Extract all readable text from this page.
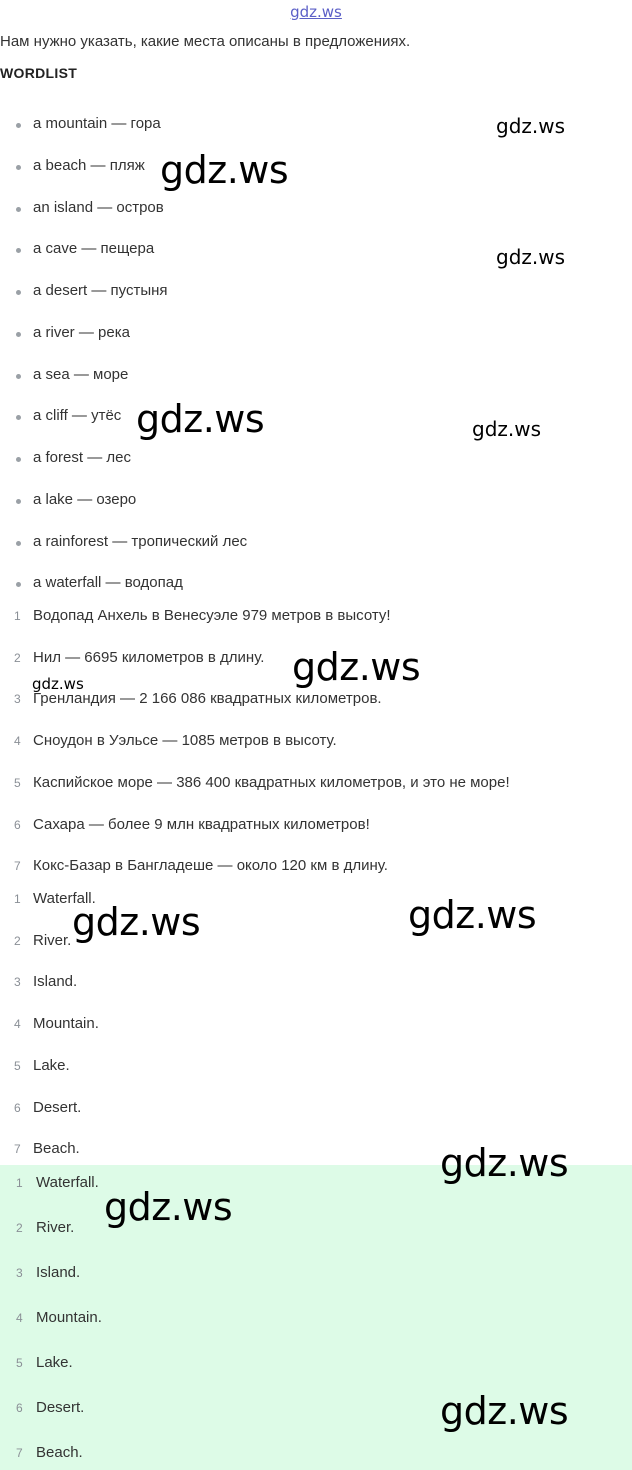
gdz.ws
Нам нужно указать, какие места описаны в предложениях.
WORDLIST
a mountain — гора
a beach — пляж
an island — остров
a cave — пещера
a desert — пустыня
a river — река
a sea — море
a cliff — утёс
a forest — лес
a lake — озеро
a rainforest — тропический лес
a waterfall — водопад
1 Водопад Анхель в Венесуэле 979 метров в высоту!
2 Нил — 6695 километров в длину.
3 Гренландия — 2 166 086 квадратных километров.
4 Сноудон в Уэльсе — 1085 метров в высоту.
5 Каспийское море — 386 400 квадратных километров, и это не море!
6 Сахара — более 9 млн квадратных километров!
7 Кокс-Базар в Бангладеше — около 120 км в длину.
1 Waterfall.
2 River.
3 Island.
4 Mountain.
5 Lake.
6 Desert.
7 Beach.
1 Waterfall.
2 River.
3 Island.
4 Mountain.
5 Lake.
6 Desert.
7 Beach.
gdz.ws
gdz.ws
gdz.ws
gdz.ws	gdz.ws
gdz.ws
gdz.ws
gdz.ws	gdz.ws
gdz.ws
gdz.ws
gdz.ws
